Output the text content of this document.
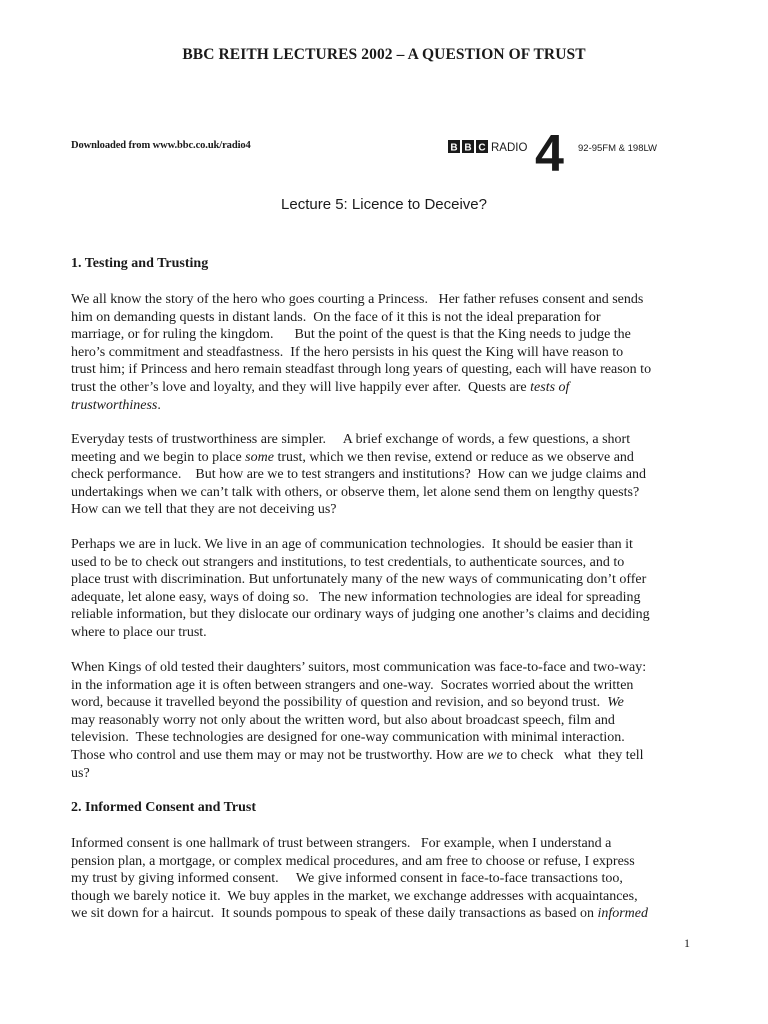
BBC REITH LECTURES 2002 – A QUESTION OF TRUST
Downloaded from www.bbc.co.uk/radio4	B B C RADIO 4 92-95FM & 198LW
Lecture 5: Licence to Deceive?
1. Testing and Trusting
We all know the story of the hero who goes courting a Princess.   Her father refuses consent and sends
him on demanding quests in distant lands.  On the face of it this is not the ideal preparation for
marriage, or for ruling the kingdom.      But the point of the quest is that the King needs to judge the
hero’s commitment and steadfastness.  If the hero persists in his quest the King will have reason to
trust him; if Princess and hero remain steadfast through long years of questing, each will have reason to
trust the other’s love and loyalty, and they will live happily ever after.  Quests are tests of
trustworthiness.
Everyday tests of trustworthiness are simpler.     A brief exchange of words, a few questions, a short
meeting and we begin to place some trust, which we then revise, extend or reduce as we observe and
check performance.    But how are we to test strangers and institutions?  How can we judge claims and
undertakings when we can’t talk with others, or observe them, let alone send them on lengthy quests?
How can we tell that they are not deceiving us?
Perhaps we are in luck. We live in an age of communication technologies.  It should be easier than it
used to be to check out strangers and institutions, to test credentials, to authenticate sources, and to
place trust with discrimination. But unfortunately many of the new ways of communicating don’t offer
adequate, let alone easy, ways of doing so.   The new information technologies are ideal for spreading
reliable information, but they dislocate our ordinary ways of judging one another’s claims and deciding
where to place our trust.
When Kings of old tested their daughters’ suitors, most communication was face-to-face and two-way:
in the information age it is often between strangers and one-way.  Socrates worried about the written
word, because it travelled beyond the possibility of question and revision, and so beyond trust.  We
may reasonably worry not only about the written word, but also about broadcast speech, film and
television.  These technologies are designed for one-way communication with minimal interaction.
Those who control and use them may or may not be trustworthy. How are we to check   what  they tell
us?
2. Informed Consent and Trust
Informed consent is one hallmark of trust between strangers.   For example, when I understand a
pension plan, a mortgage, or complex medical procedures, and am free to choose or refuse, I express
my trust by giving informed consent.     We give informed consent in face-to-face transactions too,
though we barely notice it.  We buy apples in the market, we exchange addresses with acquaintances,
we sit down for a haircut.  It sounds pompous to speak of these daily transactions as based on informed
1
